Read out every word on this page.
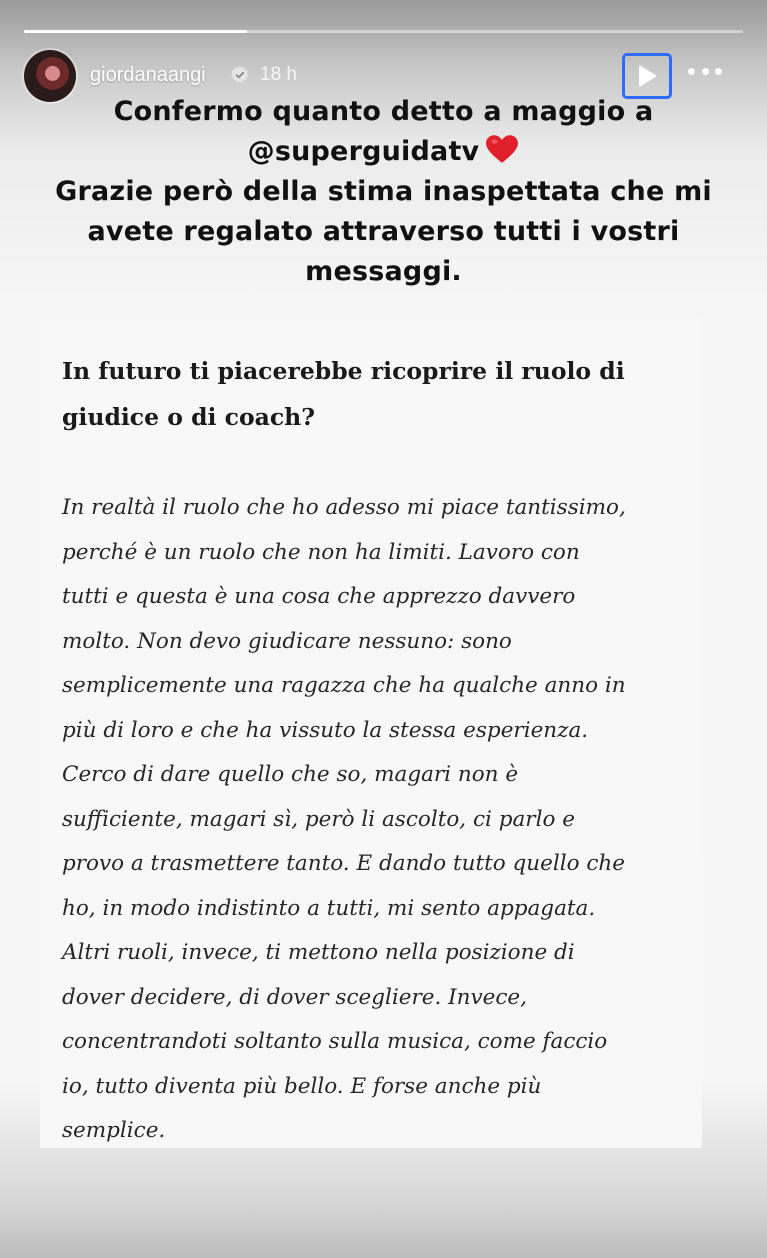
giordanaangi	18 h
Confermo quanto detto a maggio a
@superguidatv
Grazie però della stima inaspettata che mi
avete regalato attraverso tutti i vostri
messaggi.
In futuro ti piacerebbe ricoprire il ruolo di
giudice o di coach?
In realtà il ruolo che ho adesso mi piace tantissimo,
perché è un ruolo che non ha limiti. Lavoro con
tutti e questa è una cosa che apprezzo davvero
molto. Non devo giudicare nessuno: sono
semplicemente una ragazza che ha qualche anno in
più di loro e che ha vissuto la stessa esperienza.
Cerco di dare quello che so, magari non è
sufficiente, magari sì, però li ascolto, ci parlo e
provo a trasmettere tanto. E dando tutto quello che
ho, in modo indistinto a tutti, mi sento appagata.
Altri ruoli, invece, ti mettono nella posizione di
dover decidere, di dover scegliere. Invece,
concentrandoti soltanto sulla musica, come faccio
io, tutto diventa più bello. E forse anche più
semplice.
